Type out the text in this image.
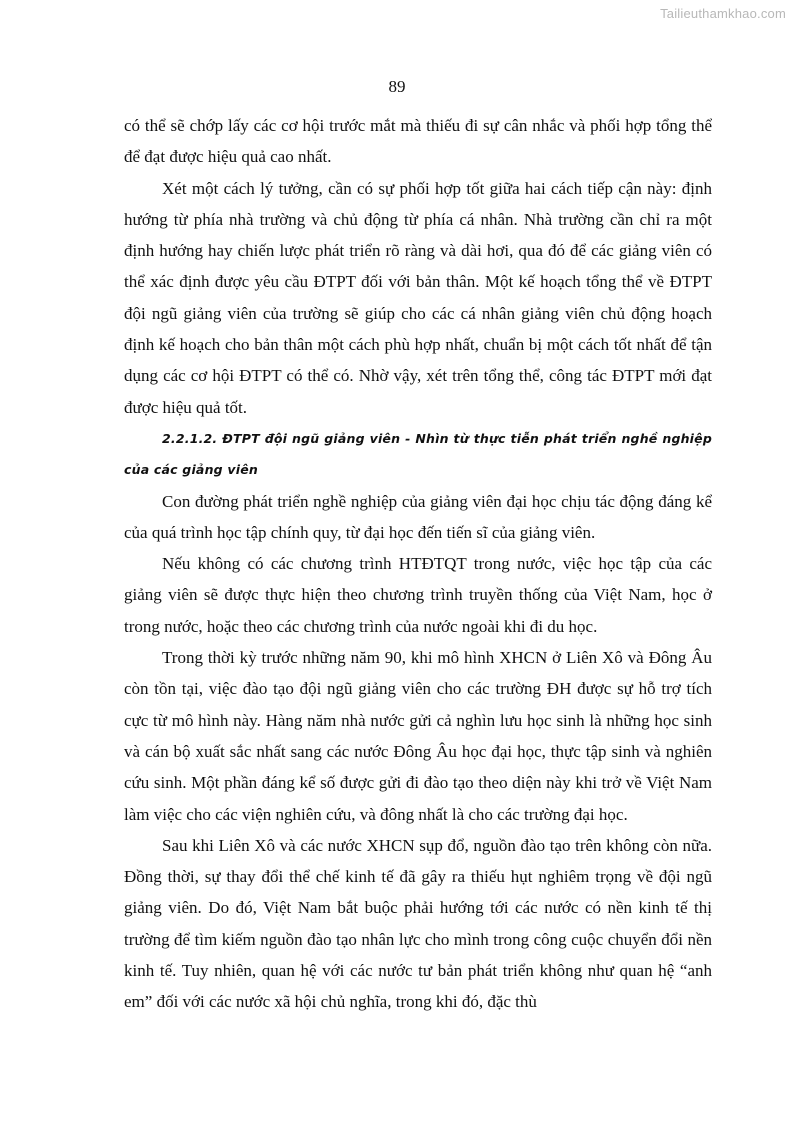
Tailieuthamkhao.com
89

có thể sẽ chớp lấy các cơ hội trước mắt mà thiếu đi sự cân nhắc và phối hợp tổng thể để đạt được hiệu quả cao nhất.

Xét một cách lý tưởng, cần có sự phối hợp tốt giữa hai cách tiếp cận này: định hướng từ phía nhà trường và chủ động từ phía cá nhân. Nhà trường cần chỉ ra một định hướng hay chiến lược phát triển rõ ràng và dài hơi, qua đó để các giảng viên có thể xác định được yêu cầu ĐTPT đối với bản thân. Một kế hoạch tổng thể về ĐTPT đội ngũ giảng viên của trường sẽ giúp cho các cá nhân giảng viên chủ động hoạch định kế hoạch cho bản thân một cách phù hợp nhất, chuẩn bị một cách tốt nhất để tận dụng các cơ hội ĐTPT có thể có. Nhờ vậy, xét trên tổng thể, công tác ĐTPT mới đạt được hiệu quả tốt.

2.2.1.2. ĐTPT đội ngũ giảng viên - Nhìn từ thực tiễn phát triển nghề nghiệp của các giảng viên

Con đường phát triển nghề nghiệp của giảng viên đại học chịu tác động đáng kể của quá trình học tập chính quy, từ đại học đến tiến sĩ của giảng viên.

Nếu không có các chương trình HTĐTQT trong nước, việc học tập của các giảng viên sẽ được thực hiện theo chương trình truyền thống của Việt Nam, học ở trong nước, hoặc theo các chương trình của nước ngoài khi đi du học.

Trong thời kỳ trước những năm 90, khi mô hình XHCN ở Liên Xô và Đông Âu còn tồn tại, việc đào tạo đội ngũ giảng viên cho các trường ĐH được sự hỗ trợ tích cực từ mô hình này. Hàng năm nhà nước gửi cả nghìn lưu học sinh là những học sinh và cán bộ xuất sắc nhất sang các nước Đông Âu học đại học, thực tập sinh và nghiên cứu sinh. Một phần đáng kể số được gửi đi đào tạo theo diện này khi trở về Việt Nam làm việc cho các viện nghiên cứu, và đông nhất là cho các trường đại học.

Sau khi Liên Xô và các nước XHCN sụp đổ, nguồn đào tạo trên không còn nữa. Đồng thời, sự thay đổi thể chế kinh tế đã gây ra thiếu hụt nghiêm trọng về đội ngũ giảng viên. Do đó, Việt Nam bắt buộc phải hướng tới các nước có nền kinh tế thị trường để tìm kiếm nguồn đào tạo nhân lực cho mình trong công cuộc chuyển đổi nền kinh tế. Tuy nhiên, quan hệ với các nước tư bản phát triển không như quan hệ “anh em” đối với các nước xã hội chủ nghĩa, trong khi đó, đặc thù
